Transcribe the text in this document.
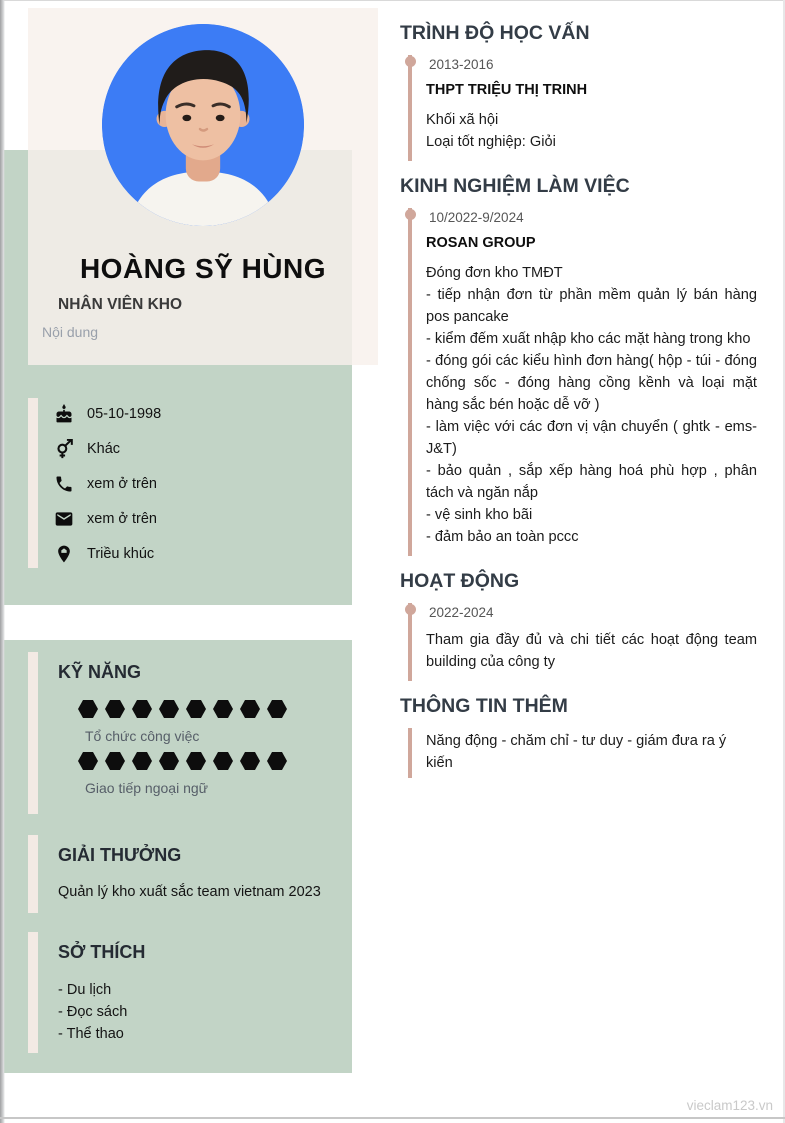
HOÀNG SỸ HÙNG
NHÂN VIÊN KHO
Nội dung
05-10-1998
Khác
xem ở trên
xem ở trên
Triều khúc
KỸ NĂNG
Tổ chức công việc
Giao tiếp ngoại ngữ
GIẢI THƯỞNG
Quản lý kho xuất sắc team vietnam 2023
SỞ THÍCH
- Du lịch
- Đọc sách
- Thể thao
TRÌNH ĐỘ HỌC VẤN
2013-2016
THPT TRIỆU THỊ TRINH
Khối xã hội
Loại tốt nghiệp: Giỏi
KINH NGHIỆM LÀM VIỆC
10/2022-9/2024
ROSAN GROUP
Đóng đơn kho TMĐT
- tiếp nhận đơn từ phần mềm quản lý bán hàng pos pancake
- kiểm đếm xuất nhập kho các mặt hàng trong kho
- đóng gói các kiểu hình đơn hàng( hộp - túi - đóng chống sốc - đóng hàng cồng kềnh và loại mặt hàng sắc bén hoặc dễ vỡ )
- làm việc với các đơn vị vận chuyển ( ghtk - ems- J&T)
- bảo quản , sắp xếp hàng hoá phù hợp , phân tách và ngăn nắp
- vệ sinh kho bãi
- đảm bảo an toàn pccc
HOẠT ĐỘNG
2022-2024
Tham gia đầy đủ và chi tiết các hoạt động team building của công ty
THÔNG TIN THÊM
Năng động - chăm chỉ - tư duy - giám đưa ra ý kiến
vieclam123.vn
